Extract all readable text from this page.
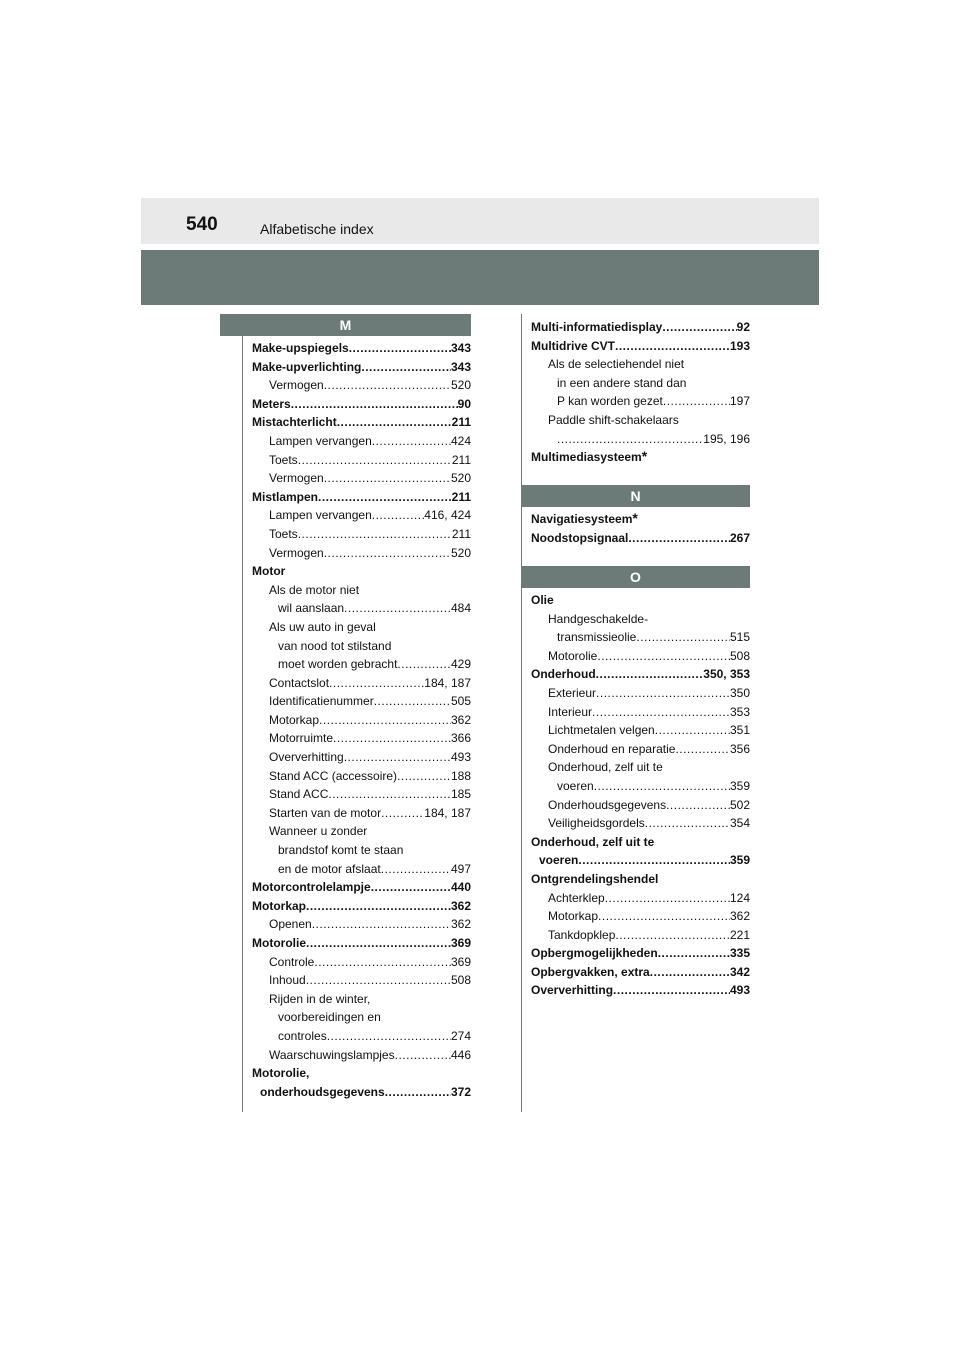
540	Alfabetische index
M
Make-upspiegels .....	343
Make-upverlichting .....	343
Vermogen .....	520
Meters .....	90
Mistachterlicht .....	211
Lampen vervangen .....	424
Toets .....	211
Vermogen .....	520
Mistlampen .....	211
Lampen vervangen .....	416, 424
Toets .....	211
Vermogen .....	520
Motor
Als de motor niet
wil aanslaan .....	484
Als uw auto in geval
van nood tot stilstand
moet worden gebracht .....	429
Contactslot .....	184, 187
Identificatienummer .....	505
Motorkap .....	362
Motorruimte .....	366
Oververhitting .....	493
Stand ACC (accessoire) .....	188
Stand ACC .....	185
Starten van de motor .....	184, 187
Wanneer u zonder
brandstof komt te staan
en de motor afslaat .....	497
Motorcontrolelampje .....	440
Motorkap .....	362
Openen .....	362
Motorolie .....	369
Controle .....	369
Inhoud .....	508
Rijden in de winter,
voorbereidingen en
controles .....	274
Waarschuwingslampjes .....	446
Motorolie,
onderhoudsgegevens .....	372
Multi-informatiedisplay .....	92
Multidrive CVT .....	193
Als de selectiehendel niet
in een andere stand dan
P kan worden gezet .....	197
Paddle shift-schakelaars
.....
195, 196
Multimediasysteem *
N
Navigatiesysteem *
Noodstopsignaal .....	267
O
Olie
Handgeschakelde-
transmissieolie .....	515
Motorolie .....	508
Onderhoud .....	350, 353
Exterieur .....	350
Interieur .....	353
Lichtmetalen velgen .....	351
Onderhoud en reparatie .....	356
Onderhoud, zelf uit te
voeren .....	359
Onderhoudsgegevens .....	502
Veiligheidsgordels .....	354
Onderhoud, zelf uit te
voeren .....	359
Ontgrendelingshendel
Achterklep .....	124
Motorkap .....	362
Tankdopklep .....	221
Opbergmogelijkheden .....	335
Opbergvakken, extra .....	342
Oververhitting .....	493
